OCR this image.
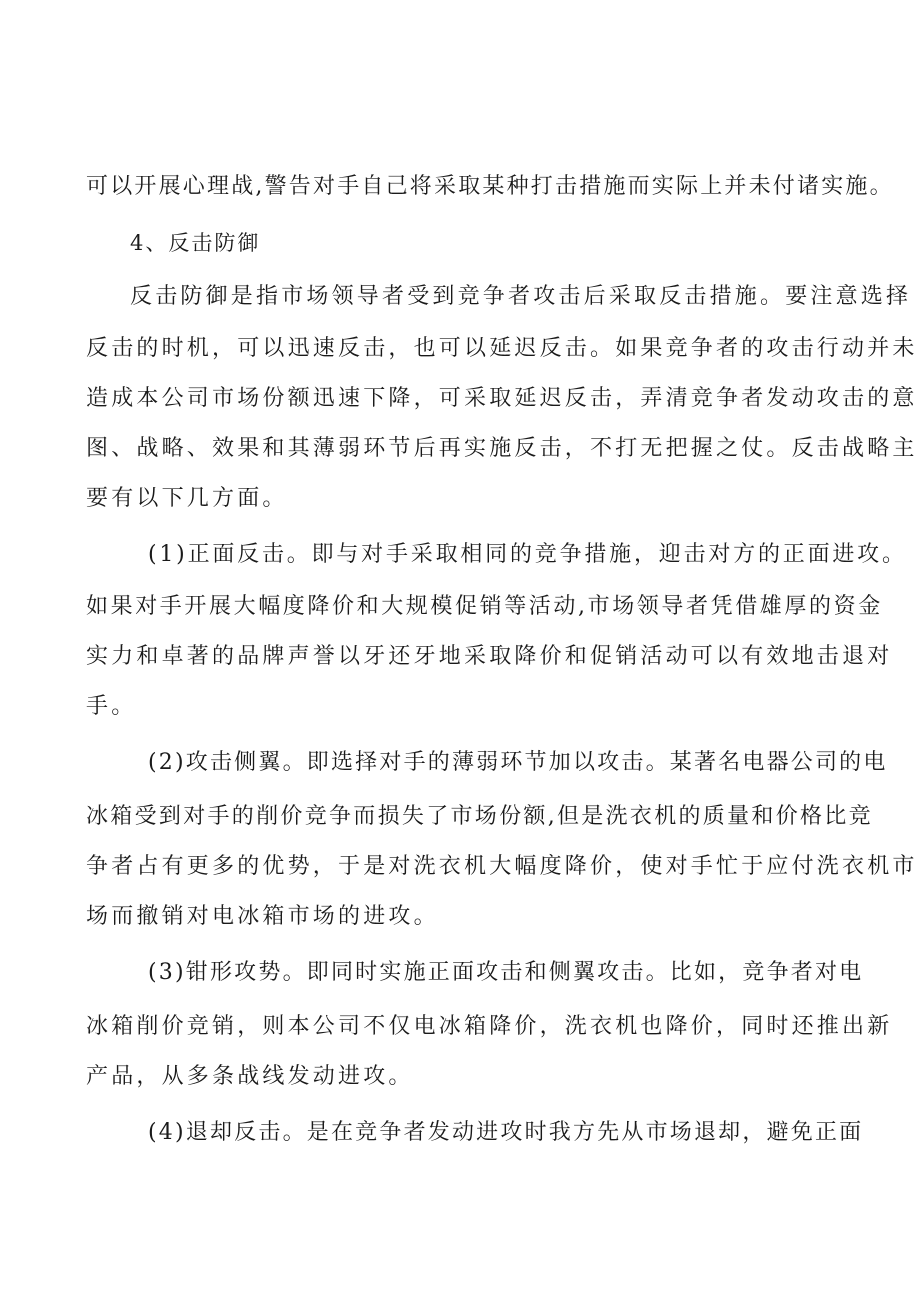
可以开展心理战,警告对手自己将采取某种打击措施而实际上并未付诸实施。

4、反击防御

反击防御是指市场领导者受到竞争者攻击后采取反击措施。要注意选择

反击的时机，可以迅速反击，也可以延迟反击。如果竞争者的攻击行动并未

造成本公司市场份额迅速下降，可采取延迟反击，弄清竞争者发动攻击的意

图、战略、效果和其薄弱环节后再实施反击，不打无把握之仗。反击战略主

要有以下几方面。

(1)正面反击。即与对手采取相同的竞争措施，迎击对方的正面进攻。

如果对手开展大幅度降价和大规模促销等活动,市场领导者凭借雄厚的资金

实力和卓著的品牌声誉以牙还牙地采取降价和促销活动可以有效地击退对

手。

(2)攻击侧翼。即选择对手的薄弱环节加以攻击。某著名电器公司的电

冰箱受到对手的削价竞争而损失了市场份额,但是洗衣机的质量和价格比竞

争者占有更多的优势，于是对洗衣机大幅度降价，使对手忙于应付洗衣机市

场而撤销对电冰箱市场的进攻。

(3)钳形攻势。即同时实施正面攻击和侧翼攻击。比如，竞争者对电

冰箱削价竞销，则本公司不仅电冰箱降价，洗衣机也降价，同时还推出新

产品，从多条战线发动进攻。

(4)退却反击。是在竞争者发动进攻时我方先从市场退却，避免正面
